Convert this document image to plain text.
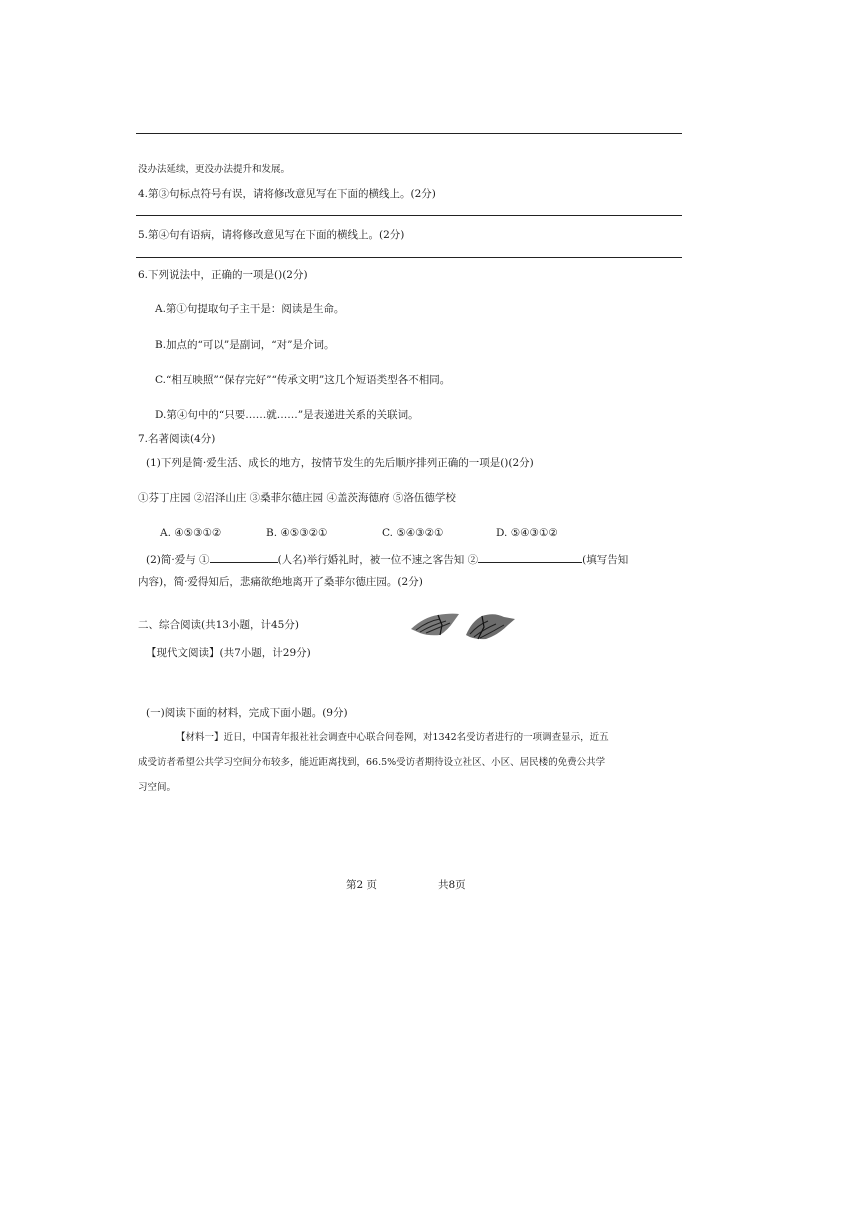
没办法延续，更没办法提升和发展。
4.第③句标点符号有误，请将修改意见写在下面的横线上。(2分)
5.第④句有语病，请将修改意见写在下面的横线上。(2分)
6.下列说法中，正确的一项是()(2分)
A.第①句提取句子主干是：阅读是生命。
B.加点的“可以”是副词，“对”是介词。
C.“相互映照”“保存完好”“传承文明”这几个短语类型各不相同。
D.第④句中的“只要……就……”是表递进关系的关联词。
7.名著阅读(4分)
(1)下列是简·爱生活、成长的地方，按情节发生的先后顺序排列正确的一项是()(2分)
①芬丁庄园 ②沼泽山庄 ③桑菲尔德庄园 ④盖茨海德府 ⑤洛伍德学校
A. ④⑤③①②	B. ④⑤③②①	C. ⑤④③②①	D. ⑤④③①②
(2)简·爱与 ①	(人名)举行婚礼时，被一位不速之客告知 ②	(填写告知
内容)，简·爱得知后，悲痛欲绝地离开了桑菲尔德庄园。(2分)
二、综合阅读(共13小题，计45分)
【现代文阅读】(共7小题，计29分)
(一)阅读下面的材料，完成下面小题。(9分)
【材料一】近日，中国青年报社社会调查中心联合问卷网，对1342名受访者进行的一项调查显示，近五
成受访者希望公共学习空间分布较多，能近距离找到，66.5%受访者期待设立社区、小区、居民楼的免费公共学
习空间。
第2 页	共8页
